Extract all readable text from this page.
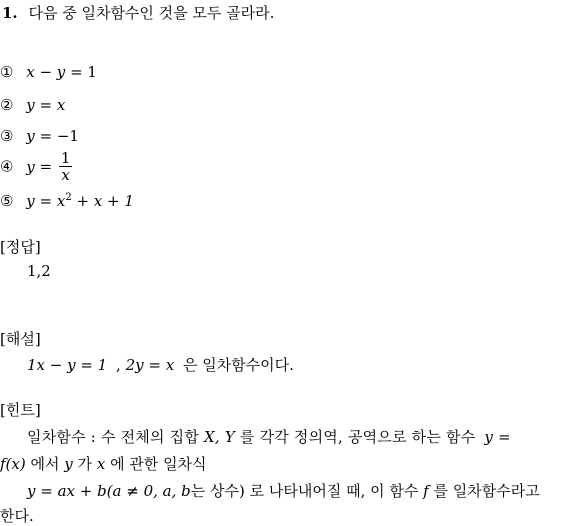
1. 다음 중 일차함수인 것을 모두 골라라.
① x − y = 1
② y = x
③ y = −1
④ $y = \frac{1}{x}$
⑤ $y = x^2 + x + 1$
[정답]
1,2
[해설]
1x − y = 1 , 2y = x 은 일차함수이다.
[힌트]
일차함수 : 수 전체의 집합 X, Y 를 각각 정의역, 공역으로 하는 함수 y =
f(x) 에서 y 가 x 에 관한 일차식
y = ax + b(a ≠ 0, a, b는 상수) 로 나타내어질 때, 이 함수 f 를 일차함수라고
한다.
